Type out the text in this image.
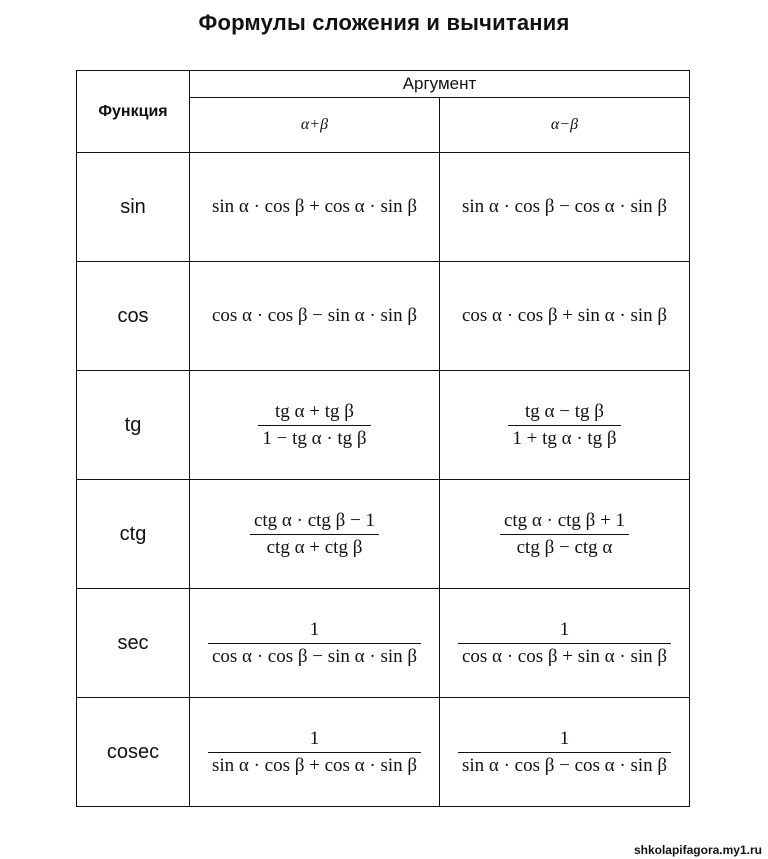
Формулы сложения и вычитания
Функция	Аргумент	
	α+β	α−β
sin	sin α · cos β + cos α · sin β	sin α · cos β − cos α · sin β
cos	cos α · cos β − sin α · sin β	cos α · cos β + sin α · sin β
tg	$\frac{\text{tg α + tg β}}{\text{1 − tg α · tg β}}$	$\frac{\text{tg α − tg β}}{\text{1 + tg α · tg β}}$

ctg	$\frac{\text{ctg α · ctg β − 1}}{\text{ctg α + ctg β}}$	$\frac{\text{ctg α · ctg β + 1}}{\text{ctg β − ctg α}}$

sec	$\frac{1}{\text{cos α · cos β − sin α · sin β}}$	$\frac{1}{\text{cos α · cos β + sin α · sin β}}$

cosec	$\frac{1}{\text{sin α · cos β + cos α · sin β}}$	$\frac{1}{\text{sin α · cos β − cos α · sin β}}$
shkolapifagora.my1.ru
